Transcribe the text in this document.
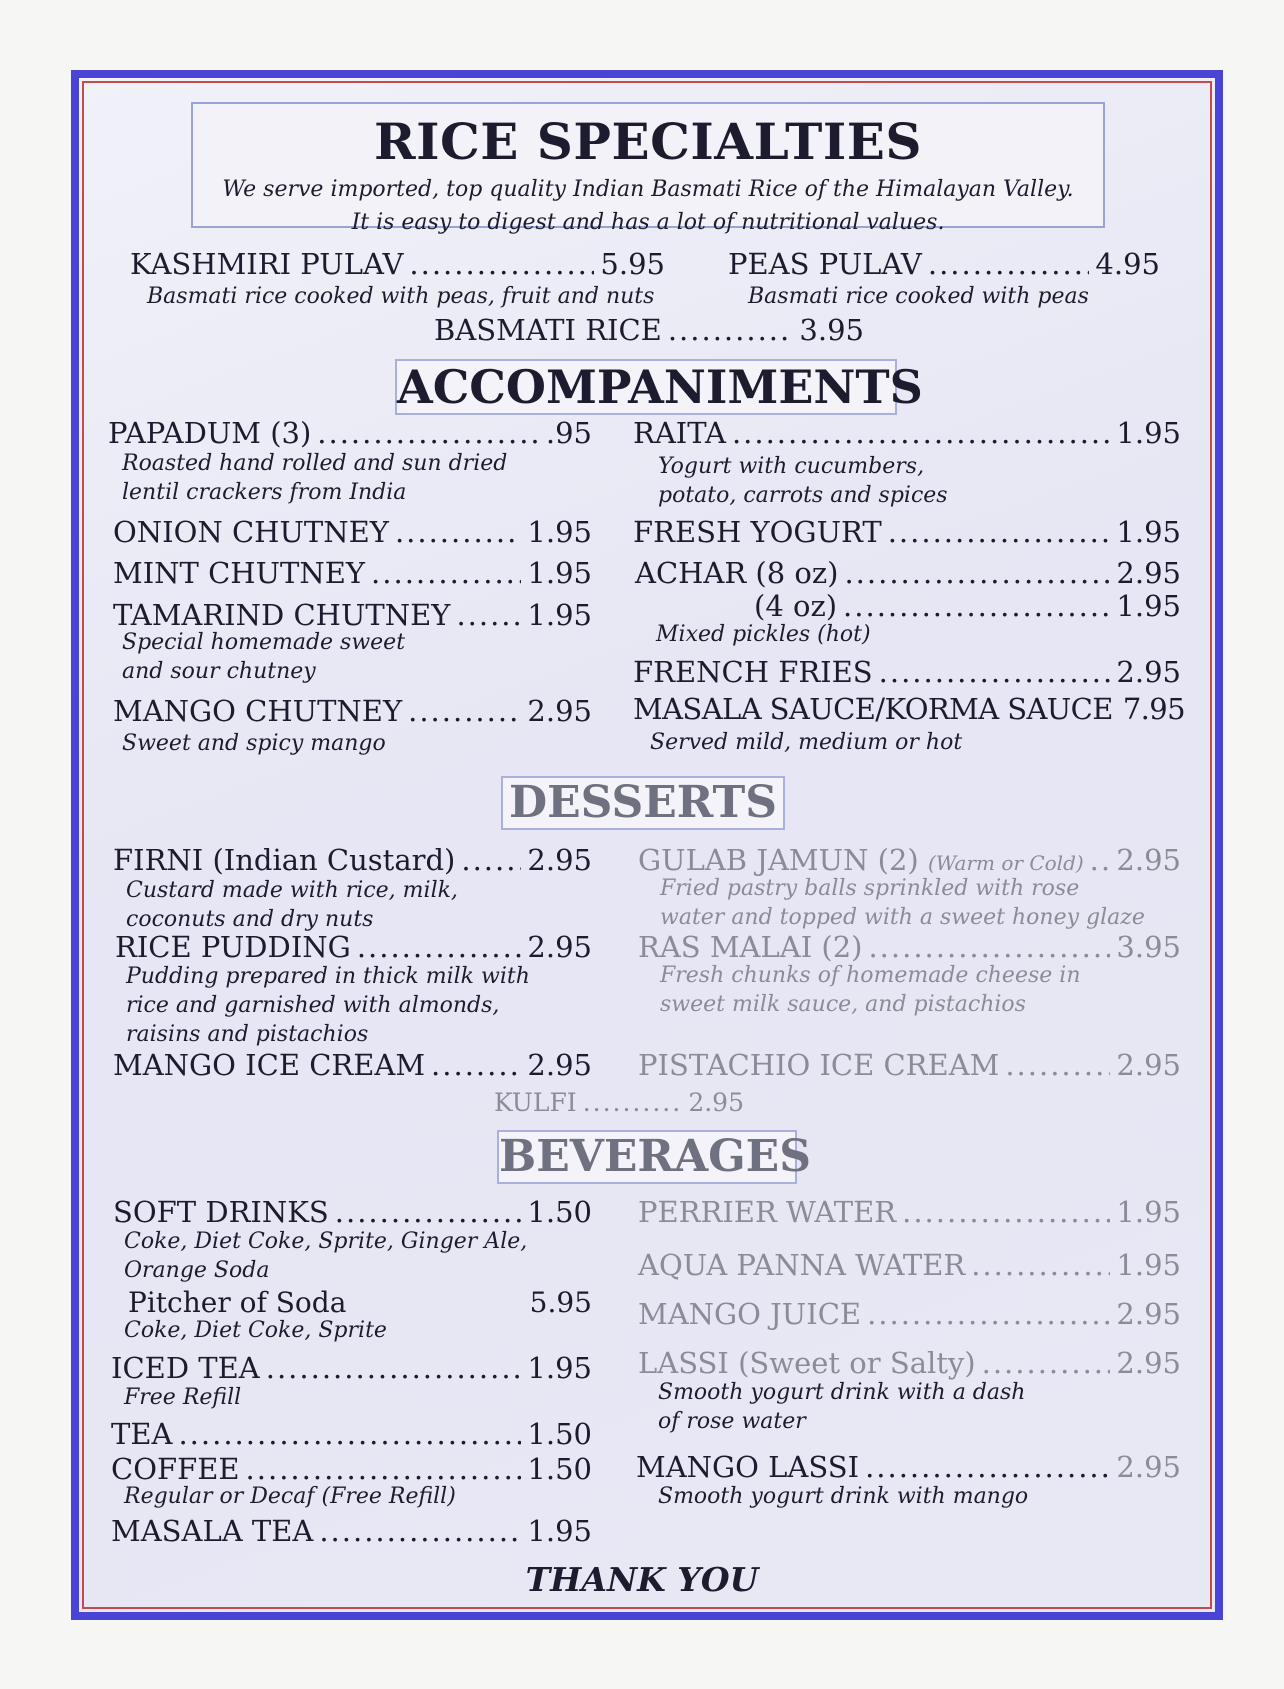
RICE SPECIALTIES

We serve imported, top quality Indian Basmati Rice of the Himalayan Valley.

It is easy to digest and has a lot of nutritional values.

KASHMIRI PULAV .....	5.95
Basmati rice cooked with peas, fruit and nuts
PEAS PULAV .....	4.95
Basmati rice cooked with peas
BASMATI RICE .....	3.95
ACCOMPANIMENTS
PAPADUM (3) .....	.95
Roasted hand rolled and sun dried
lentil crackers from India
ONION CHUTNEY .....	1.95
MINT CHUTNEY .....	1.95
TAMARIND CHUTNEY .....	1.95
Special homemade sweet
and sour chutney
MANGO CHUTNEY .....	2.95
Sweet and spicy mango
RAITA .....	1.95
Yogurt with cucumbers,
potato, carrots and spices
FRESH YOGURT .....	1.95
ACHAR (8 oz) .....	2.95
(4 oz) .....	1.95
Mixed pickles (hot)
FRENCH FRIES .....	2.95
MASALA SAUCE/KORMA SAUCE 7.95
Served mild, medium or hot
DESSERTS
FIRNI (Indian Custard) ..... 2.95
Custard made with rice, milk,
coconuts and dry nuts
RICE PUDDING .....	2.95
Pudding prepared in thick milk with
rice and garnished with almonds,
raisins and pistachios
MANGO ICE CREAM .....	2.95
GULAB JAMUN (2)
(Warm or Cold) ..... 2.95
Fried pastry balls sprinkled with rose
water and topped with a sweet honey glaze
RAS MALAI (2) .....	3.95
Fresh chunks of homemade cheese in
sweet milk sauce, and pistachios
PISTACHIO ICE CREAM .....	2.95
KULFI .....	2.95
BEVERAGES
SOFT DRINKS .....	1.50
Coke, Diet Coke, Sprite, Ginger Ale,
Orange Soda
Pitcher of Soda	5.95
Coke, Diet Coke, Sprite
ICED TEA .....	1.95
Free Refill
TEA .....	1.50
COFFEE .....	1.50
Regular or Decaf (Free Refill)
MASALA TEA .....	1.95
PERRIER WATER .....	1.95
AQUA PANNA WATER .....	1.95
MANGO JUICE .....	2.95
LASSI (Sweet or Salty) .....	2.95
Smooth yogurt drink with a dash
of rose water
MANGO LASSI .....	2.95
Smooth yogurt drink with mango
THANK YOU
